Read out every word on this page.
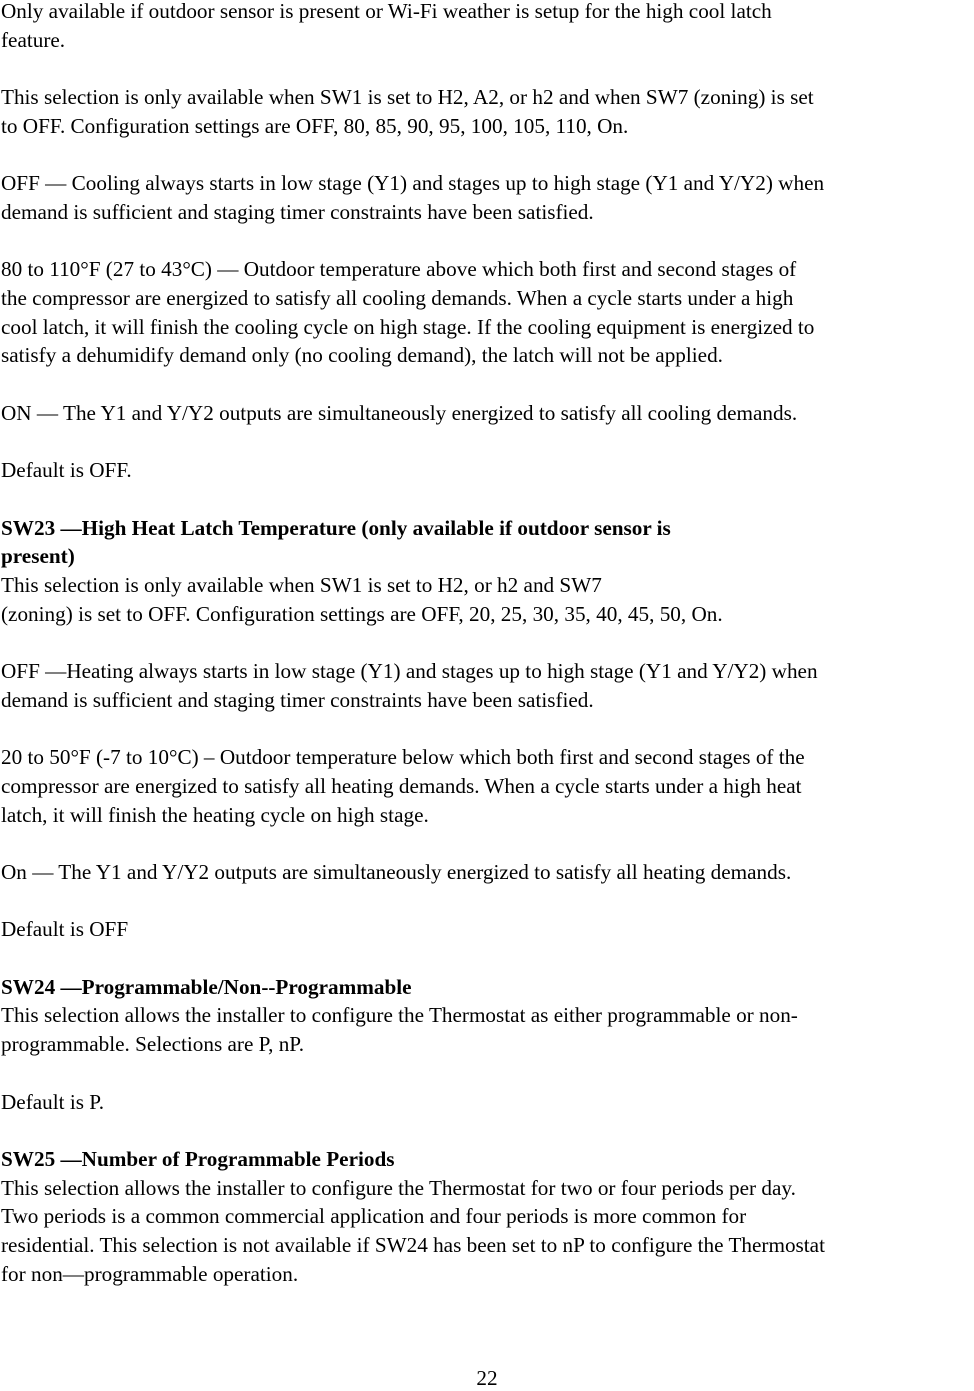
Only available if outdoor sensor is present or Wi-Fi weather is setup for the high cool latch
feature.

This selection is only available when SW1 is set to H2, A2, or h2 and when SW7 (zoning) is set
to OFF. Configuration settings are OFF, 80, 85, 90, 95, 100, 105, 110, On.

OFF — Cooling always starts in low stage (Y1) and stages up to high stage (Y1 and Y/Y2) when
demand is sufficient and staging timer constraints have been satisfied.

80 to 110°F (27 to 43°C) — Outdoor temperature above which both first and second stages of
the compressor are energized to satisfy all cooling demands. When a cycle starts under a high
cool latch, it will finish the cooling cycle on high stage. If the cooling equipment is energized to
satisfy a dehumidify demand only (no cooling demand), the latch will not be applied.

ON — The Y1 and Y/Y2 outputs are simultaneously energized to satisfy all cooling demands.

Default is OFF.

SW23 —High Heat Latch Temperature (only available if outdoor sensor is
present)
This selection is only available when SW1 is set to H2, or h2 and SW7
(zoning) is set to OFF. Configuration settings are OFF, 20, 25, 30, 35, 40, 45, 50, On.

OFF —Heating always starts in low stage (Y1) and stages up to high stage (Y1 and Y/Y2) when
demand is sufficient and staging timer constraints have been satisfied.

20 to 50°F (-7 to 10°C) – Outdoor temperature below which both first and second stages of the
compressor are energized to satisfy all heating demands. When a cycle starts under a high heat
latch, it will finish the heating cycle on high stage.

On — The Y1 and Y/Y2 outputs are simultaneously energized to satisfy all heating demands.

Default is OFF

SW24 —Programmable/Non--Programmable
This selection allows the installer to configure the Thermostat as either programmable or non-
programmable. Selections are P, nP.

Default is P.

SW25 —Number of Programmable Periods
This selection allows the installer to configure the Thermostat for two or four periods per day.
Two periods is a common commercial application and four periods is more common for
residential. This selection is not available if SW24 has been set to nP to configure the Thermostat
for non—programmable operation.

22
